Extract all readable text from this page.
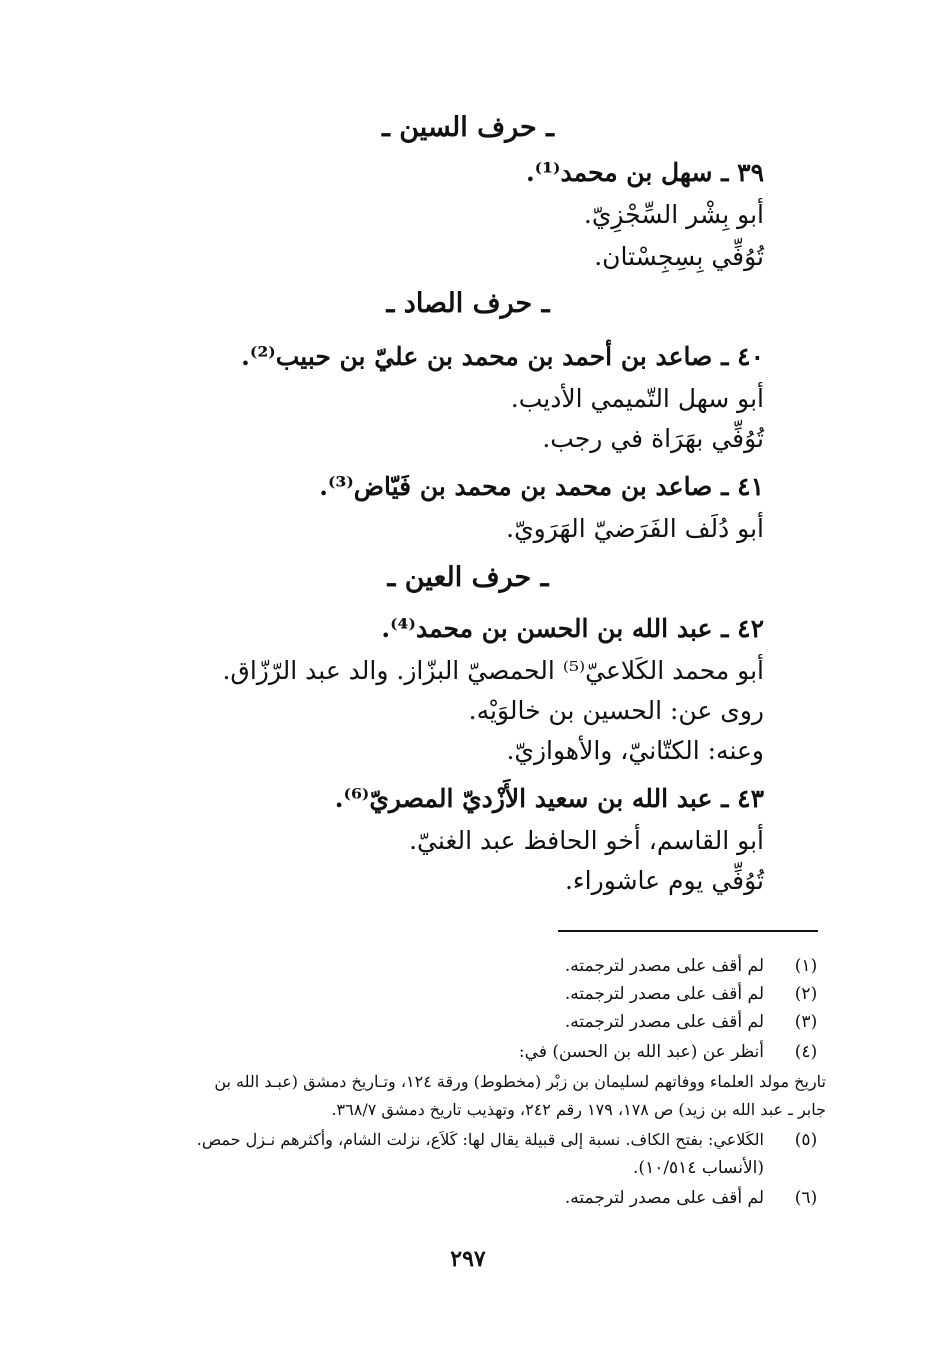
ـ حرف السين ـ
٣٩ ـ سهل بن محمد⁽¹⁾.
أبو بِشْر السِّجْزِيّ.
تُوُفِّي بِسِجِسْتان.
ـ حرف الصاد ـ
٤٠ ـ صاعد بن أحمد بن محمد بن عليّ بن حبيب⁽²⁾.
أبو سهل التّميمي الأديب.
تُوُفِّي بهَرَاة في رجب.
٤١ ـ صاعد بن محمد بن محمد بن فَيّاض⁽³⁾.
أبو دُلَف الفَرَضيّ الهَرَويّ.
ـ حرف العين ـ
٤٢ ـ عبد الله بن الحسن بن محمد⁽⁴⁾.
أبو محمد الكَلاعيّ⁽⁵⁾ الحمصيّ البزّاز. والد عبد الرّزّاق.
روى عن: الحسين بن خالوَيْه.
وعنه: الكتّانيّ، والأهوازيّ.
٤٣ ـ عبد الله بن سعيد الأَزْديّ المصريّ⁽⁶⁾.
أبو القاسم، أخو الحافظ عبد الغنيّ.
تُوُفِّي يوم عاشوراء.
(١)
لم أقف على مصدر لترجمته.
(٢)
لم أقف على مصدر لترجمته.
(٣)
لم أقف على مصدر لترجمته.
(٤)
أنظر عن (عبد الله بن الحسن) في:
تاريخ مولد العلماء ووفاتهم لسليمان بن زبْر (مخطوط) ورقة ١٢٤، وتـاريخ دمشق (عبـد الله بن
جابر ـ عبد الله بن زيد) ص ١٧٨، ١٧٩ رقم ٢٤٢، وتهذيب تاريخ دمشق ٣٦٨/٧.
(٥)
الكَلاعي: بفتح الكاف. نسبة إلى قبيلة يقال لها: كَلاَع، نزلت الشام، وأكثرهم نـزل حمص.
(الأنساب ١٠/٥١٤).
(٦)
لم أقف على مصدر لترجمته.
٢٩٧
